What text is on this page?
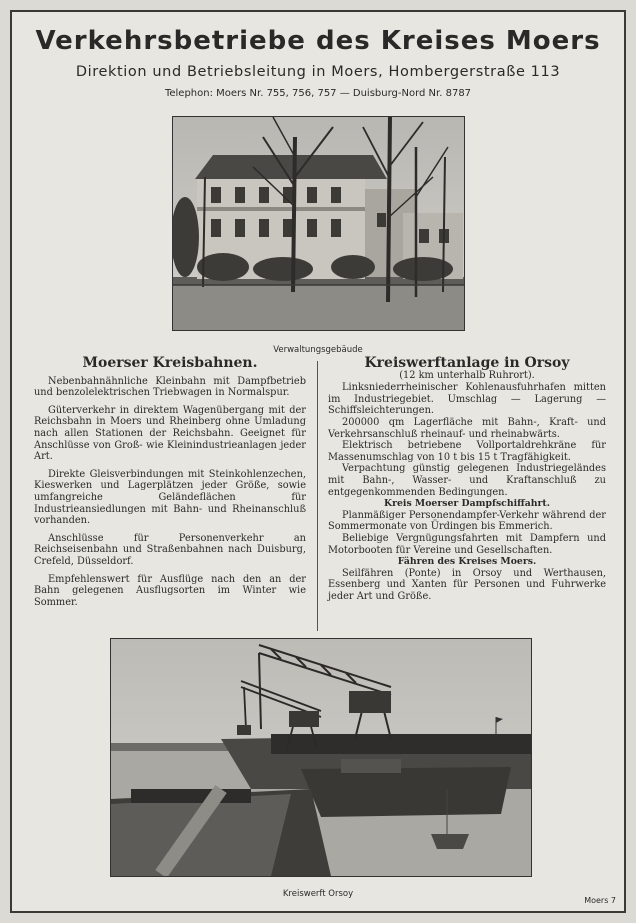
Verkehrsbetriebe des Kreises Moers
Direktion und Betriebsleitung in Moers, Hombergerstraße 113
Telephon: Moers Nr. 755, 756, 757 — Duisburg-Nord Nr. 8787
Verwaltungsgebäude
Moerser Kreisbahnen.

Nebenbahnähnliche Kleinbahn mit Dampfbetrieb und benzolelektrischen Triebwagen in Normalspur.

Güterverkehr in direktem Wagenübergang mit der Reichsbahn in Moers und Rheinberg ohne Umladung nach allen Stationen der Reichsbahn. Geeignet für Anschlüsse von Groß- wie Kleinindustrieanlagen jeder Art.

Direkte Gleisverbindungen mit Steinkohlenzechen, Kieswerken und Lagerplätzen jeder Größe, sowie umfangreiche Geländeflächen für Industrieansiedlungen mit Bahn- und Rheinanschluß vorhanden.

Anschlüsse für Personenverkehr an Reichseisenbahn und Straßenbahnen nach Duisburg, Crefeld, Düsseldorf.

Empfehlenswert für Ausflüge nach den an der Bahn gelegenen Ausflugsorten im Winter wie Sommer.

Kreiswerftanlage in Orsoy
(12 km unterhalb Ruhrort).

Linksniederrheinischer Kohlenausfuhrhafen mitten im Industriegebiet. Umschlag — Lagerung — Schiffsleichterungen.

200000 qm Lagerfläche mit Bahn-, Kraft- und Verkehrsanschluß rheinauf- und rheinabwärts.

Elektrisch betriebene Vollportaldrehkräne für Massenumschlag von 10 t bis 15 t Tragfähigkeit.

Verpachtung günstig gelegenen Industriegeländes mit Bahn-, Wasser- und Kraftanschluß zu entgegenkommenden Bedingungen.

Kreis Moerser Dampfschiffahrt.

Planmäßiger Personendampfer-Verkehr während der Sommermonate von Ürdingen bis Emmerich.

Beliebige Vergnügungsfahrten mit Dampfern und Motorbooten für Vereine und Gesellschaften.

Fähren des Kreises Moers.

Seilfähren (Ponte) in Orsoy und Werthausen, Essenberg und Xanten für Personen und Fuhrwerke jeder Art und Größe.

Kreiswerft Orsoy
Moers 7
